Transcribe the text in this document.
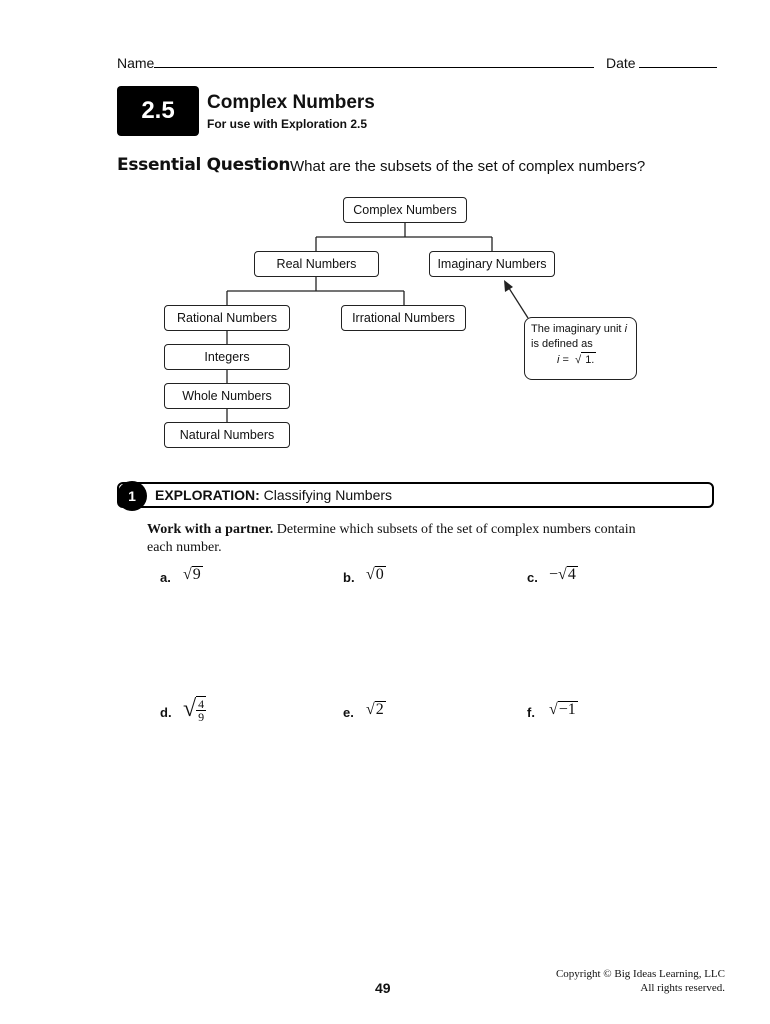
Name	Date
2.5	Complex Numbers
For use with Exploration 2.5
Essential Question What are the subsets of the set of complex numbers?
Complex Numbers
Real Numbers	Imaginary Numbers
Rational Numbers	Irrational Numbers
Integers
Whole Numbers
Natural Numbers
The imaginary unit i
is defined as
i = √ 1.
1	EXPLORATION: Classifying Numbers
Work with a partner. Determine which subsets of the set of complex numbers contain each number.
a. √9	b. √0	c. −√4
d. √ $\frac{4}{9}$	e. √2	f. √−1
49
Copyright © Big Ideas Learning, LLC
All rights reserved.
